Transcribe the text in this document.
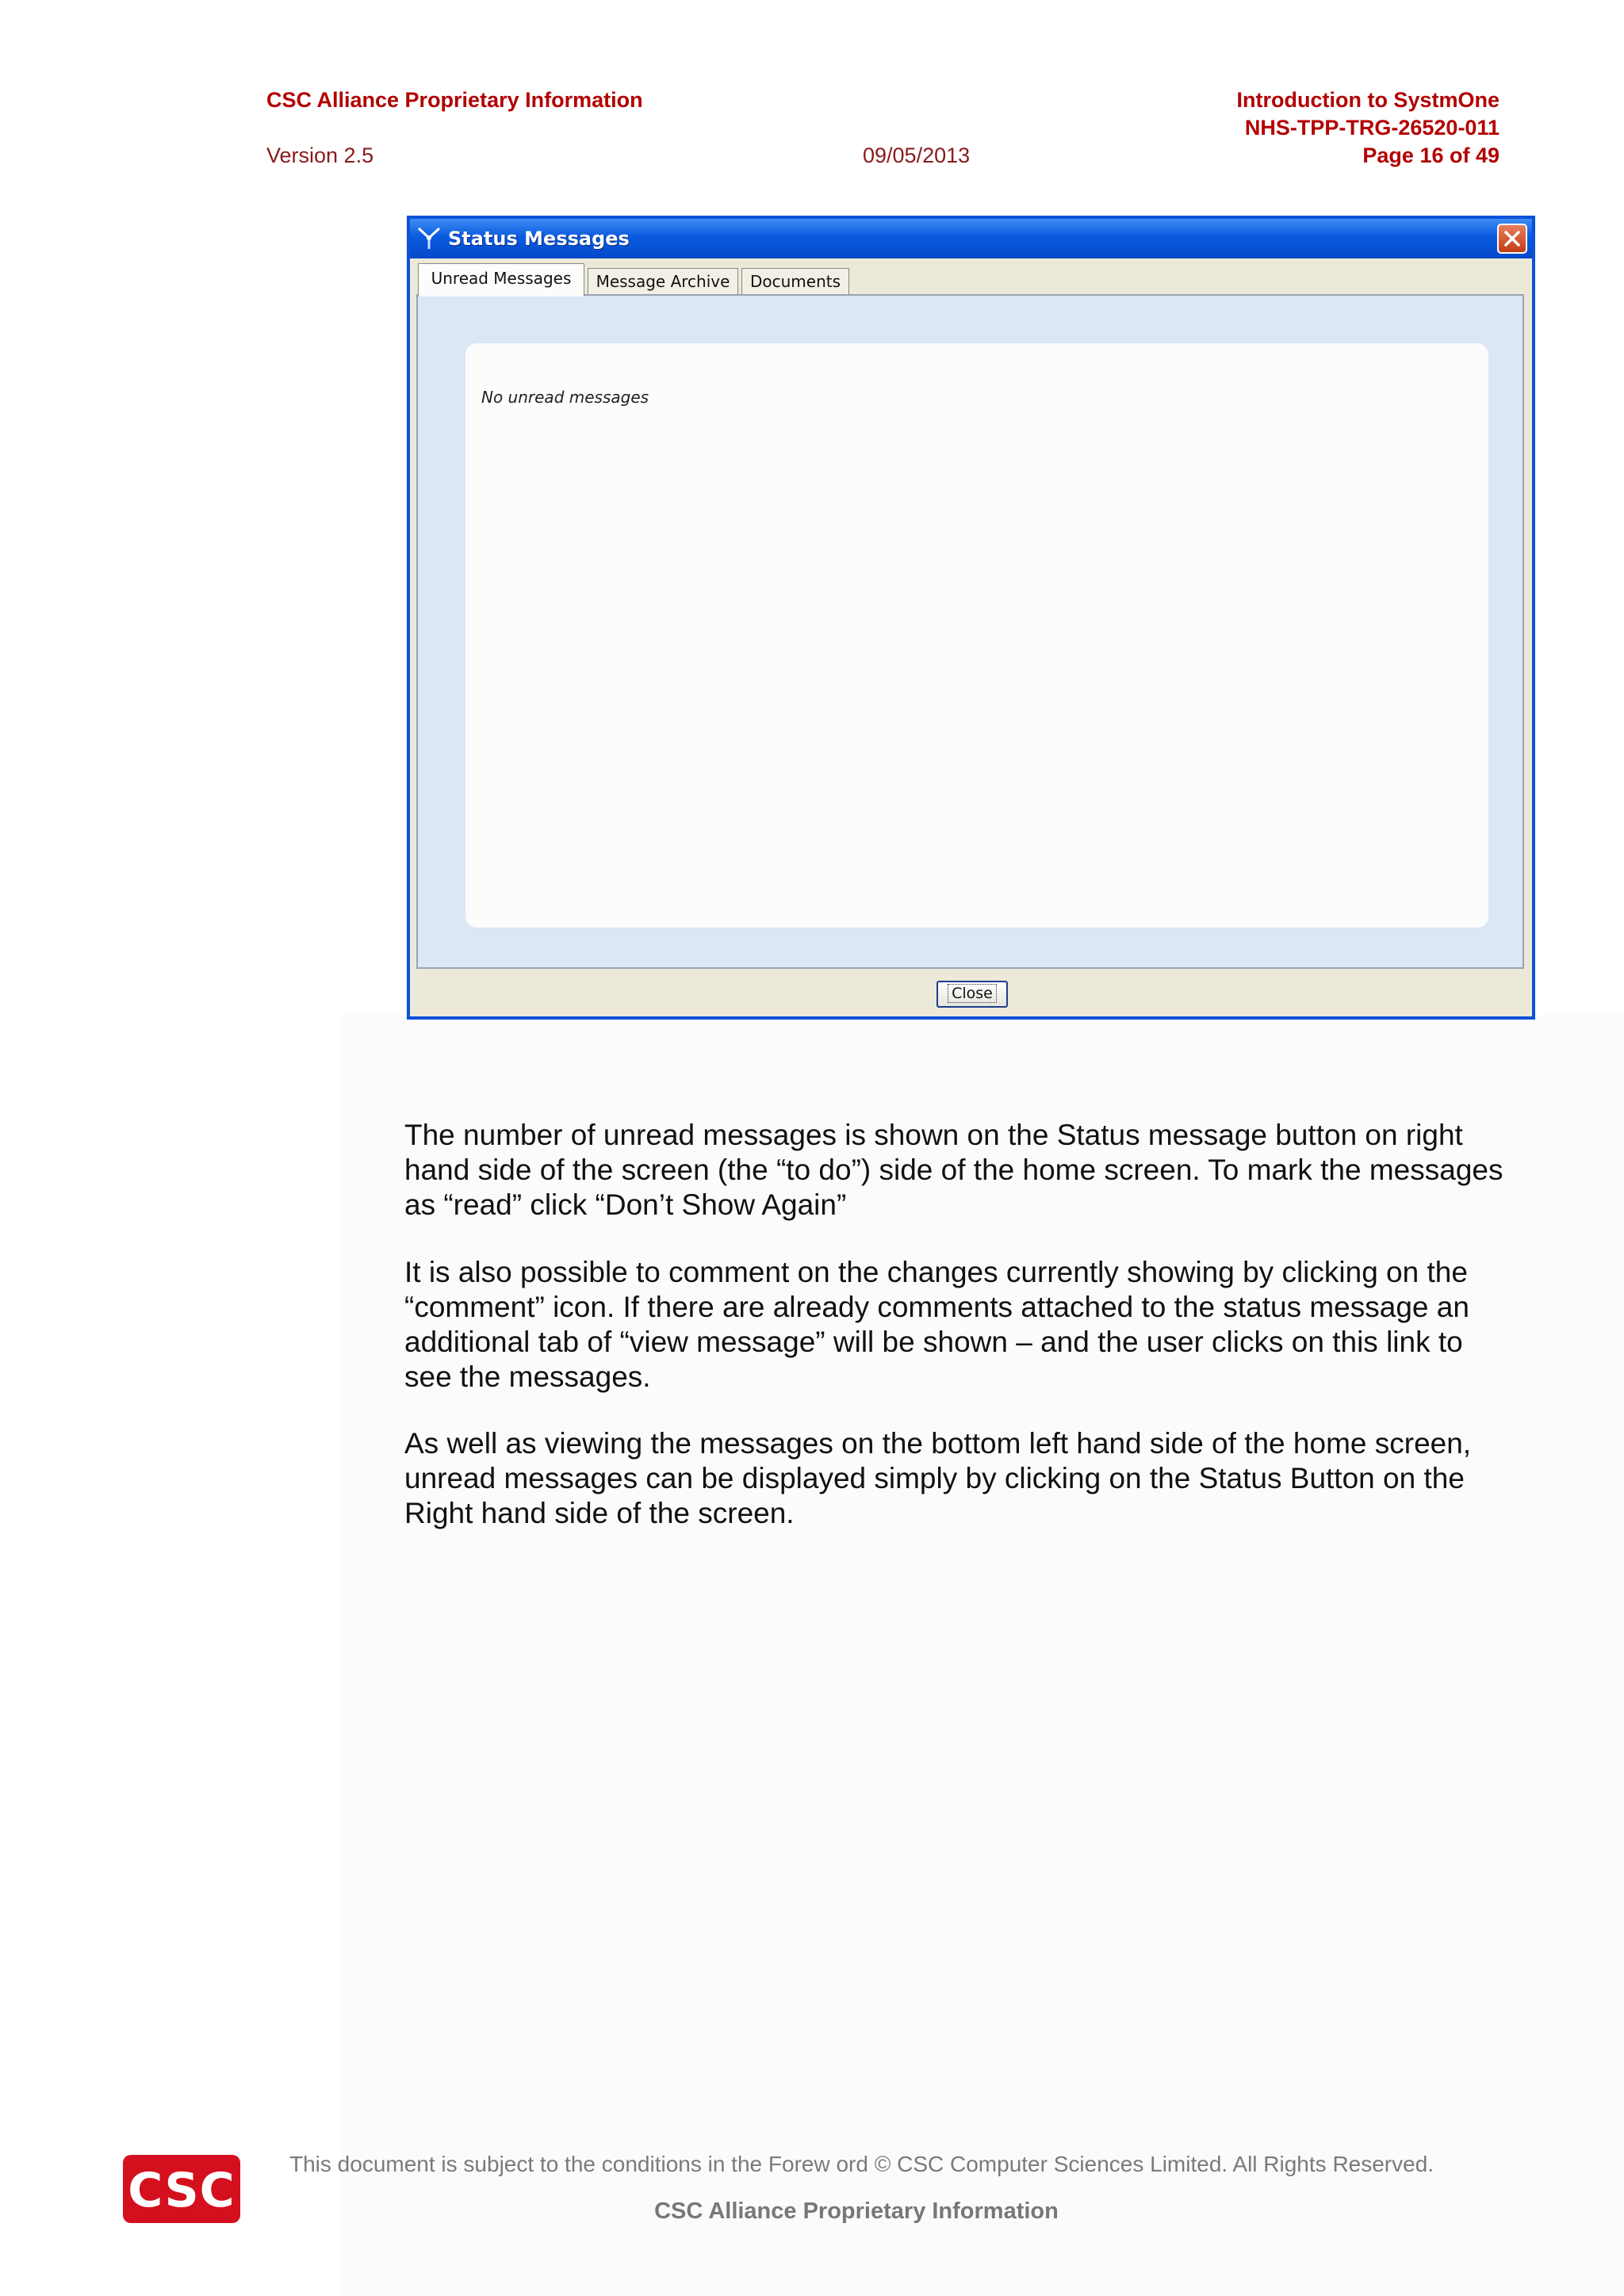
CSC Alliance Proprietary Information
Version 2.5	09/05/2013
Introduction to SystmOne
NHS-TPP-TRG-26520-011
Page 16 of 49
Status Messages
Unread Messages	Message Archive	Documents
No unread messages
Close
The number of unread messages is shown on the Status message button on right hand side of the screen (the “to do”) side of the home screen. To mark the messages as “read” click “Don’t Show Again”
It is also possible to comment on the changes currently showing by clicking on the “comment” icon. If there are already comments attached to the status message an additional tab of “view message” will be shown – and the user clicks on this link to see the messages.
As well as viewing the messages on the bottom left hand side of the home screen, unread messages can be displayed simply by clicking on the Status Button on the Right hand side of the screen.
CSC This document is subject to the conditions in the Forew ord © CSC Computer Sciences Limited. All Rights Reserved.
CSC Alliance Proprietary Information
